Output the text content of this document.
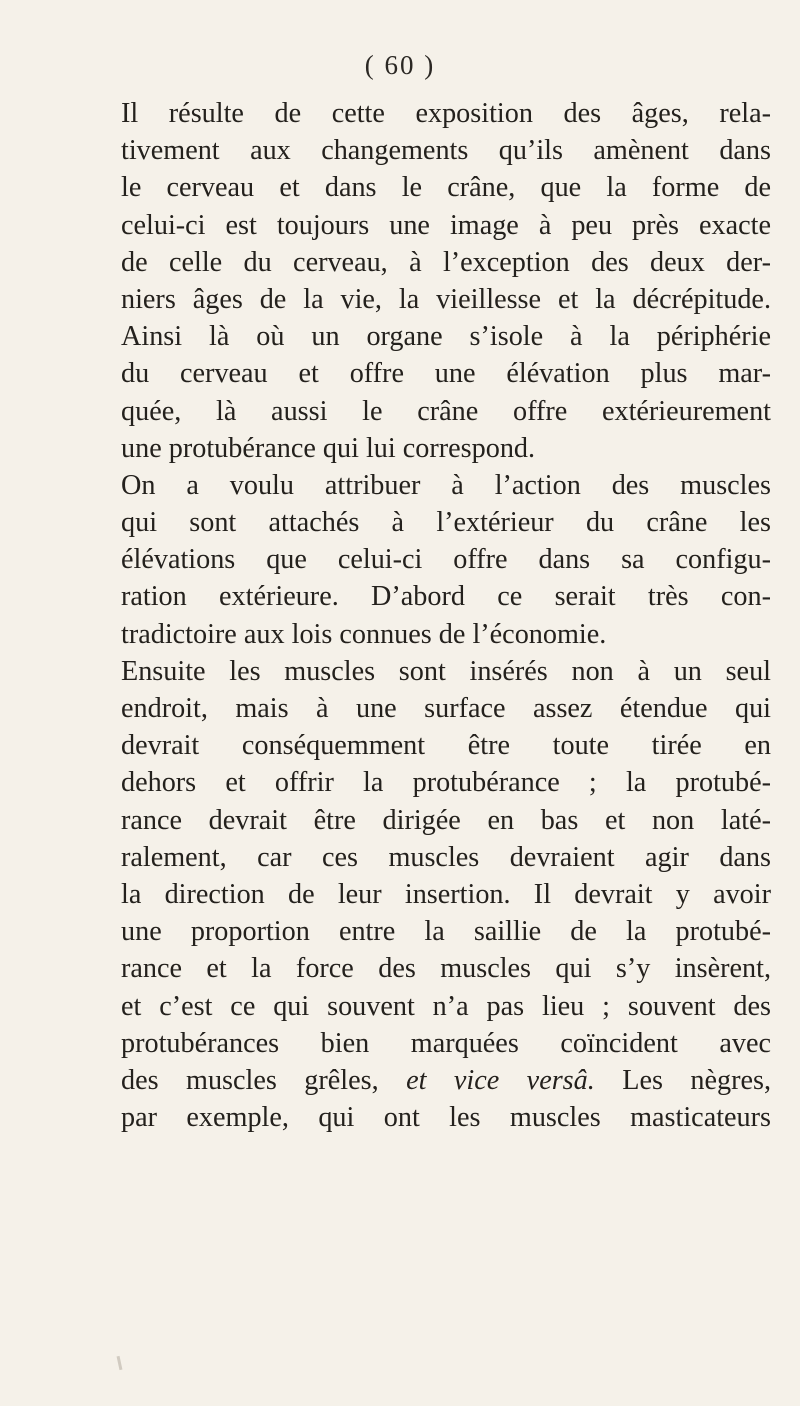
( 60 )
Il résulte de cette exposition des âges, rela-
tivement aux changements qu’ils amènent dans
le cerveau et dans le crâne, que la forme de
celui-ci est toujours une image à peu près exacte
de celle du cerveau, à l’exception des deux der-
niers âges de la vie, la vieillesse et la décrépitude.
Ainsi là où un organe s’isole à la périphérie
du cerveau et offre une élévation plus mar-
quée, là aussi le crâne offre extérieurement
une protubérance qui lui correspond.
On a voulu attribuer à l’action des muscles
qui sont attachés à l’extérieur du crâne les
élévations que celui-ci offre dans sa configu-
ration extérieure. D’abord ce serait très con-
tradictoire aux lois connues de l’économie.
Ensuite les muscles sont insérés non à un seul
endroit, mais à une surface assez étendue qui
devrait conséquemment être toute tirée en
dehors et offrir la protubérance ; la protubé-
rance devrait être dirigée en bas et non laté-
ralement, car ces muscles devraient agir dans
la direction de leur insertion. Il devrait y avoir
une proportion entre la saillie de la protubé-
rance et la force des muscles qui s’y insèrent,
et c’est ce qui souvent n’a pas lieu ; souvent des
protubérances bien marquées coïncident avec
des muscles grêles, et vice versâ. Les nègres,
par exemple, qui ont les muscles masticateurs
